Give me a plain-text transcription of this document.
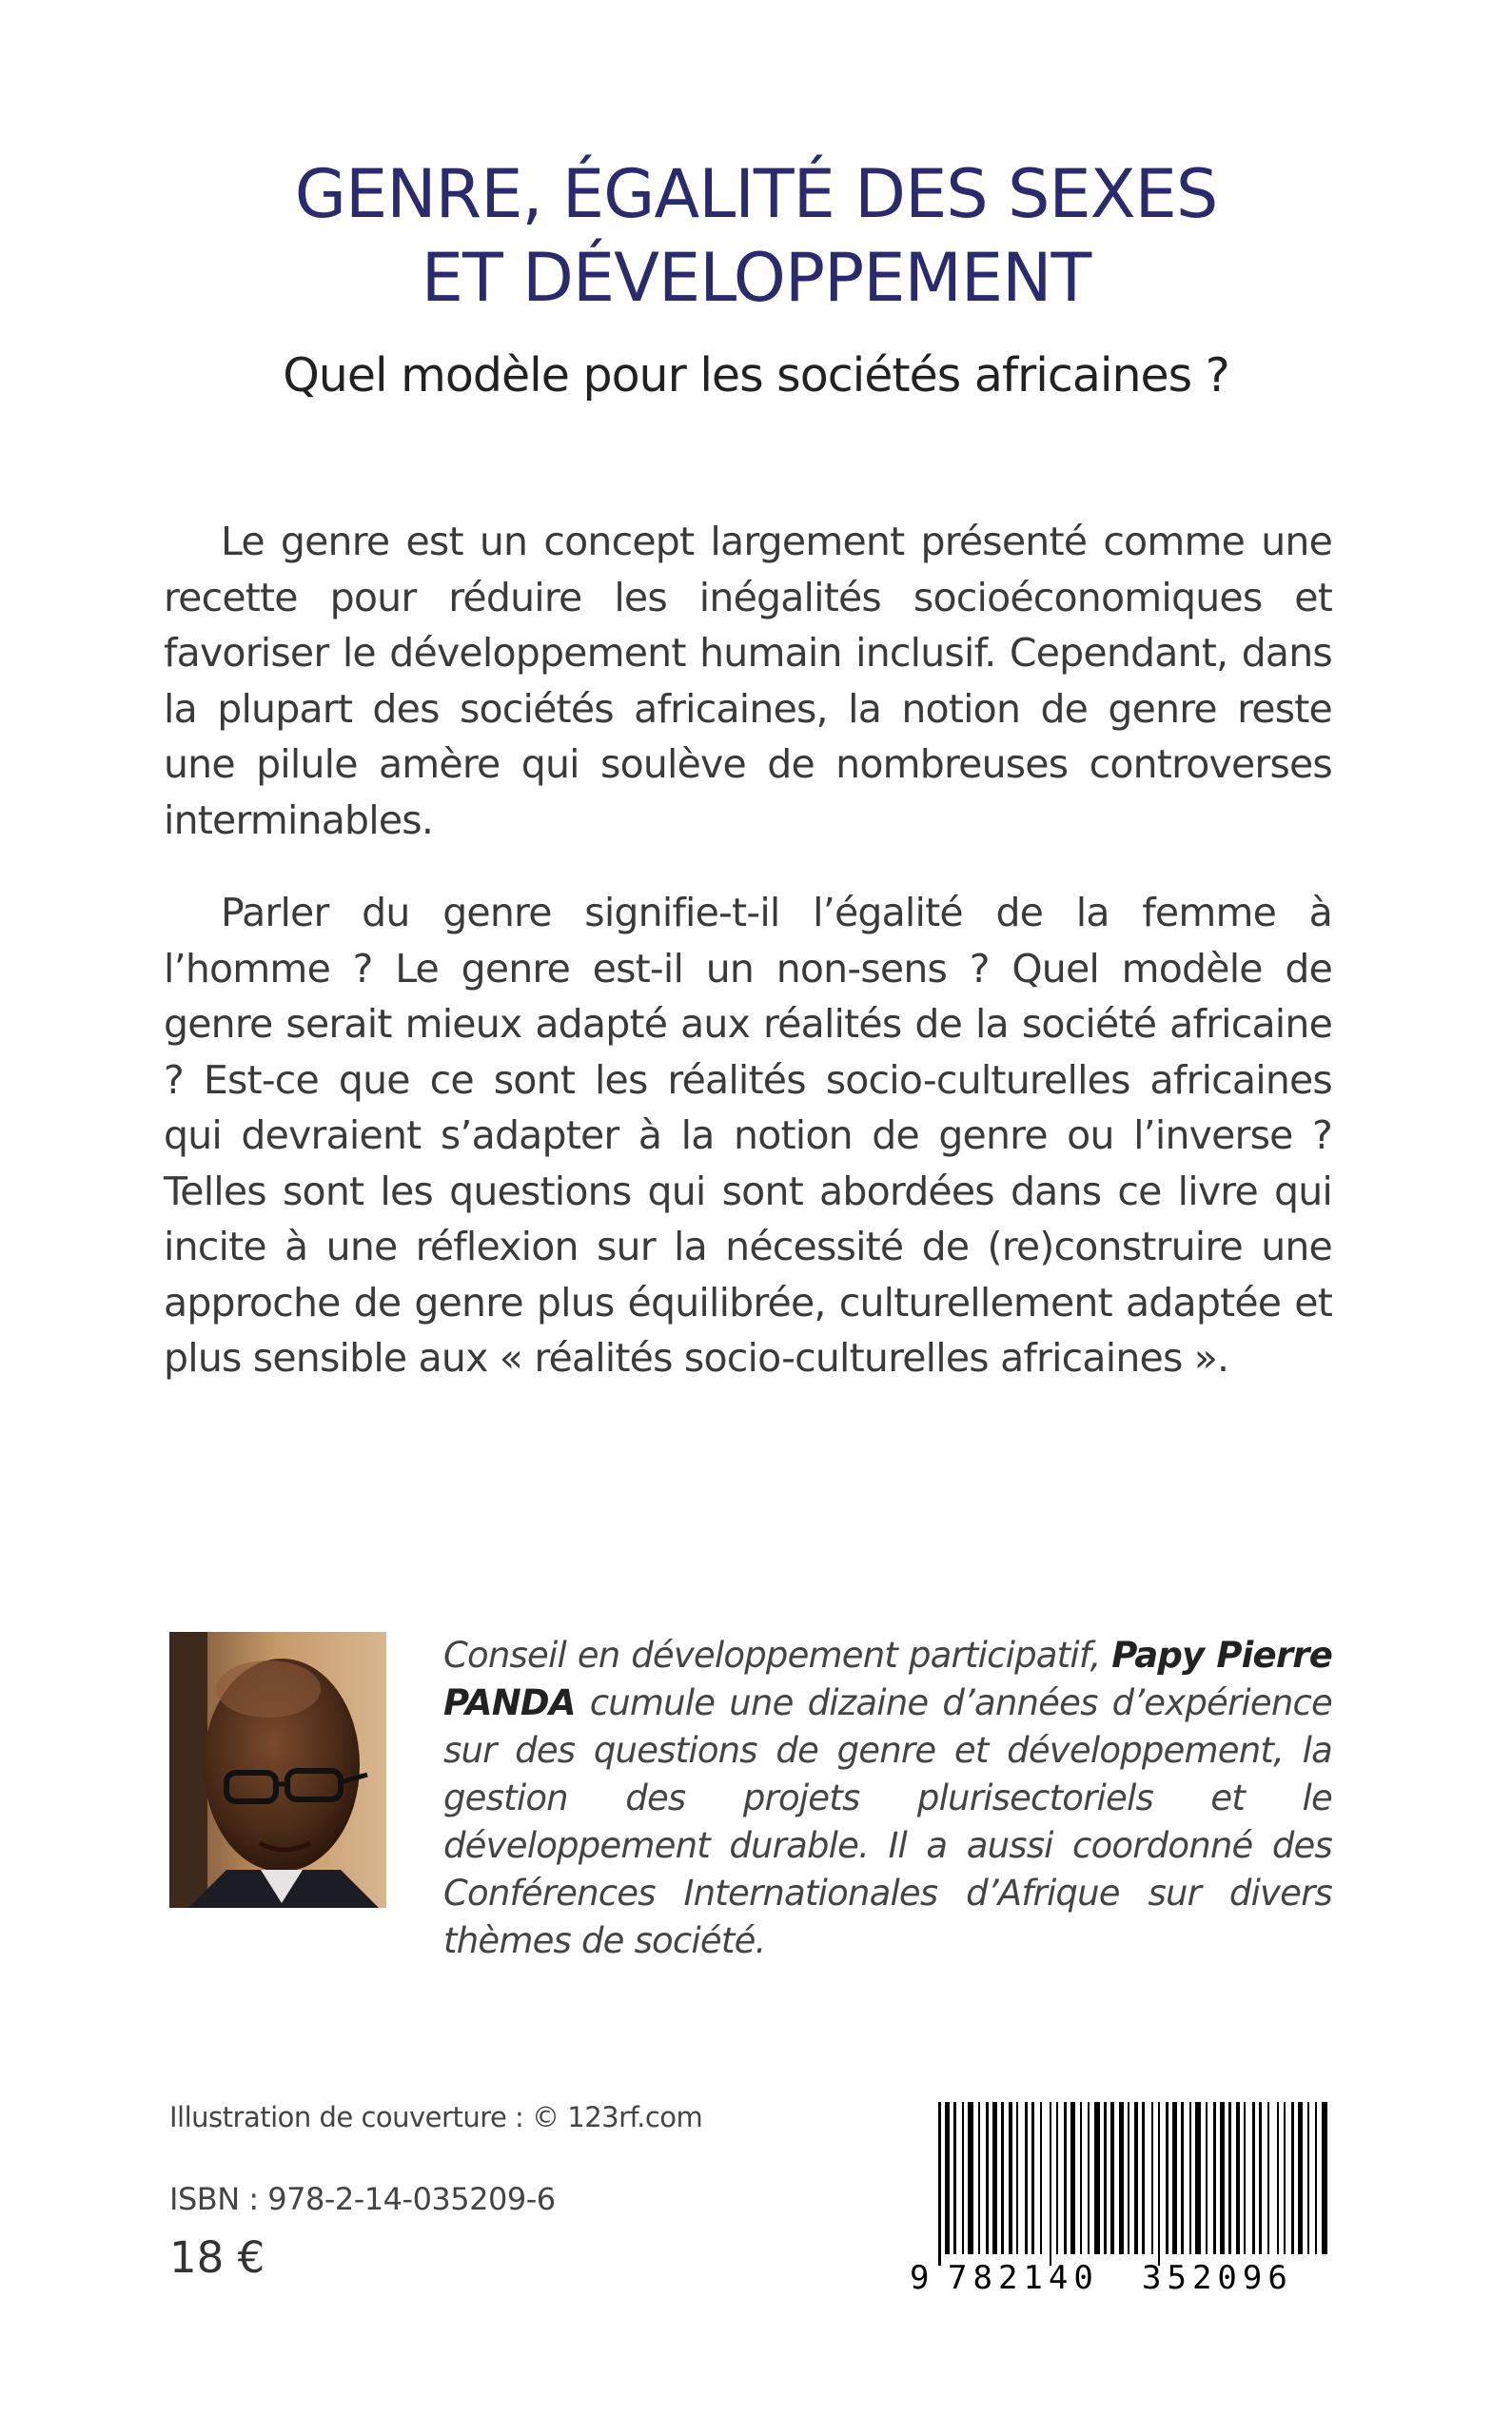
GENRE, ÉGALITÉ DES SEXES
ET DÉVELOPPEMENT
Quel modèle pour les sociétés africaines ?

Le genre est un concept largement présenté comme une recette pour réduire les inégalités socioéconomiques et favoriser le développement humain inclusif. Cependant, dans la plupart des sociétés africaines, la notion de genre reste une pilule amère qui soulève de nombreuses controverses interminables.

Parler du genre signifie-t-il l’égalité de la femme à l’homme ? Le genre est-il un non-sens ? Quel modèle de genre serait mieux adapté aux réalités de la société africaine ? Est-ce que ce sont les réalités socio-culturelles africaines qui devraient s’adapter à la notion de genre ou l’inverse ? Telles sont les questions qui sont abordées dans ce livre qui incite à une réflexion sur la nécessité de (re)construire une approche de genre plus équilibrée, culturellement adaptée et plus sensible aux « réalités socio-culturelles africaines ».

Conseil en développement participatif, Papy Pierre PANDA cumule une dizaine d’années d’expérience sur des questions de genre et développement, la gestion des projets plurisectoriels et le développement durable. Il a aussi coordonné des Conférences Internationales d’Afrique sur divers thèmes de société.

Illustration de couverture : © 123rf.com
ISBN : 978-2-14-035209-6
18 €	9 782140 352096
